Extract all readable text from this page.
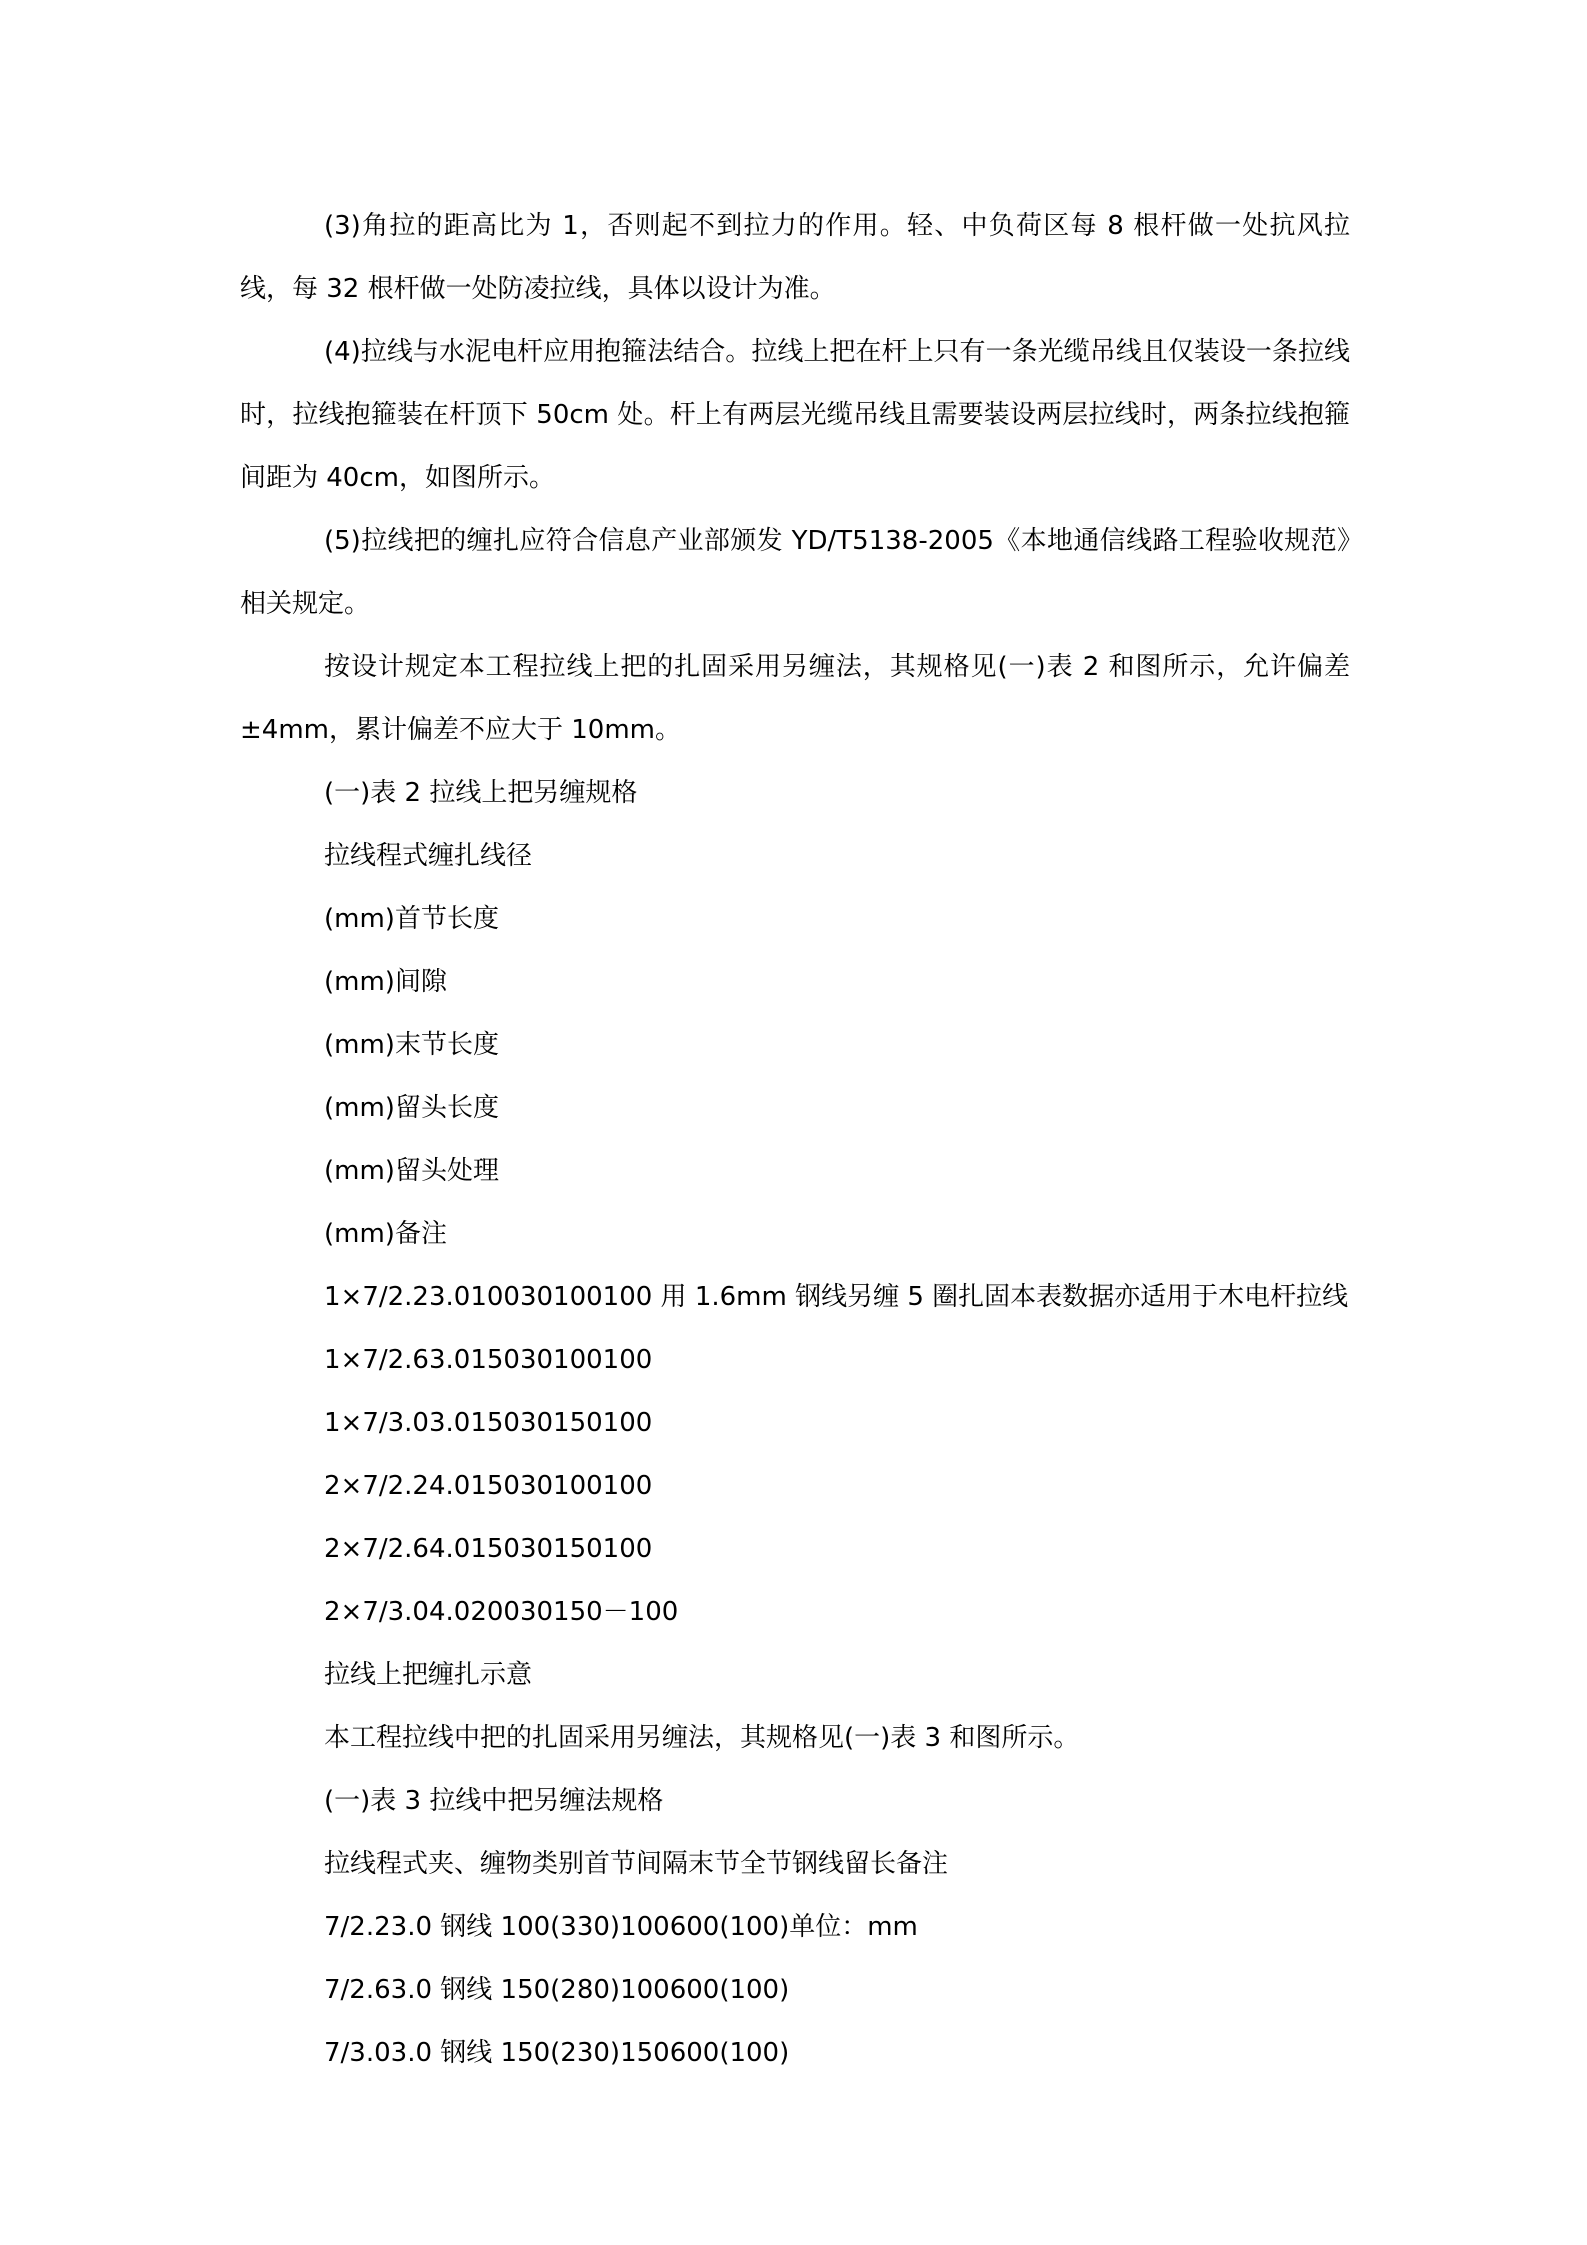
(3)角拉的距高比为 1，否则起不到拉力的作用。轻、中负荷区每 8 根杆做一处抗风拉线，每 32 根杆做一处防凌拉线，具体以设计为准。

(4)拉线与水泥电杆应用抱箍法结合。拉线上把在杆上只有一条光缆吊线且仅装设一条拉线时，拉线抱箍装在杆顶下 50cm 处。杆上有两层光缆吊线且需要装设两层拉线时，两条拉线抱箍间距为 40cm，如图所示。

(5)拉线把的缠扎应符合信息产业部颁发 YD/T5138-2005《本地通信线路工程验收规范》相关规定。

按设计规定本工程拉线上把的扎固采用另缠法，其规格见(一)表 2 和图所示，允许偏差±4mm，累计偏差不应大于 10mm。

(一)表 2 拉线上把另缠规格

拉线程式缠扎线径

(mm)首节长度

(mm)间隙

(mm)末节长度

(mm)留头长度

(mm)留头处理

(mm)备注

1×7/2.23.010030100100 用 1.6mm 钢线另缠 5 圈扎固本表数据亦适用于木电杆拉线

1×7/2.63.015030100100

1×7/3.03.015030150100

2×7/2.24.015030100100

2×7/2.64.015030150100

2×7/3.04.020030150－100

拉线上把缠扎示意

本工程拉线中把的扎固采用另缠法，其规格见(一)表 3 和图所示。

(一)表 3 拉线中把另缠法规格

拉线程式夹、缠物类别首节间隔末节全节钢线留长备注

7/2.23.0 钢线 100(330)100600(100)单位：mm

7/2.63.0 钢线 150(280)100600(100)

7/3.03.0 钢线 150(230)150600(100)
